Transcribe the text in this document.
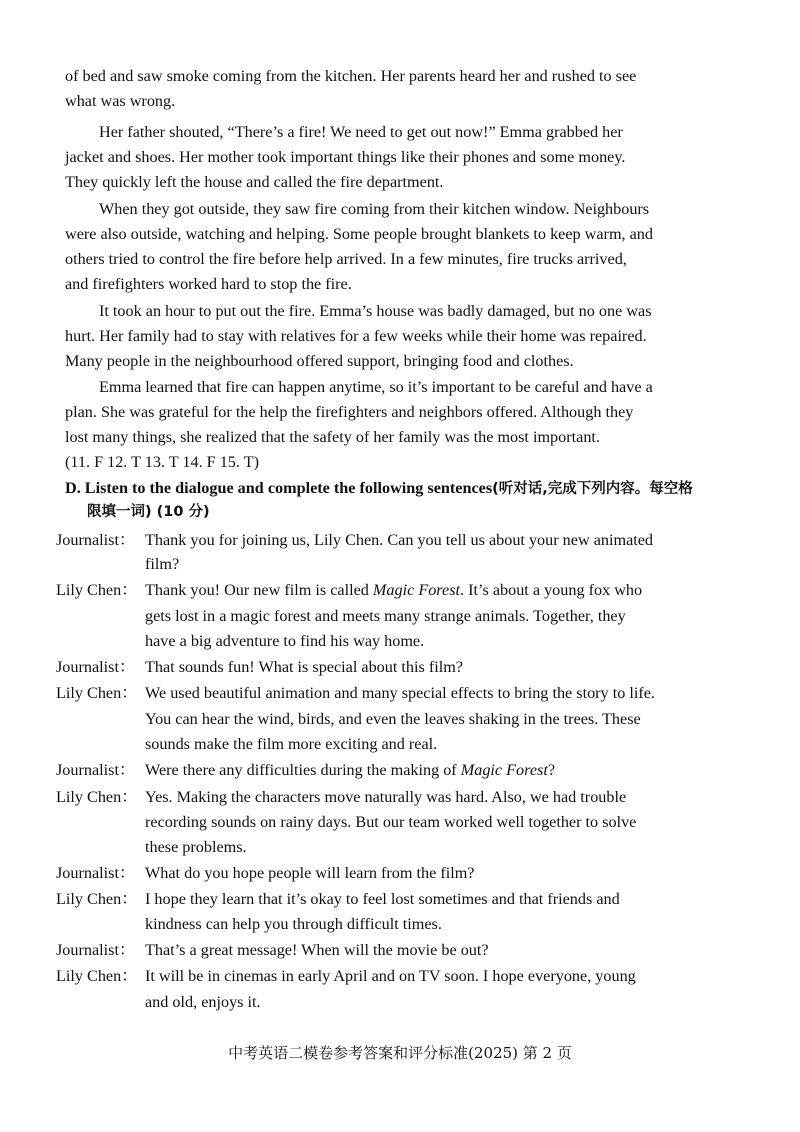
of bed and saw smoke coming from the kitchen. Her parents heard her and rushed to see
what was wrong.
Her father shouted, “There’s a fire! We need to get out now!” Emma grabbed her
jacket and shoes. Her mother took important things like their phones and some money.
They quickly left the house and called the fire department.
When they got outside, they saw fire coming from their kitchen window. Neighbours
were also outside, watching and helping. Some people brought blankets to keep warm, and
others tried to control the fire before help arrived. In a few minutes, fire trucks arrived,
and firefighters worked hard to stop the fire.
It took an hour to put out the fire. Emma’s house was badly damaged, but no one was
hurt. Her family had to stay with relatives for a few weeks while their home was repaired.
Many people in the neighbourhood offered support, bringing food and clothes.
Emma learned that fire can happen anytime, so it’s important to be careful and have a
plan. She was grateful for the help the firefighters and neighbors offered. Although they
lost many things, she realized that the safety of her family was the most important.
(11. F 12. T 13. T 14. F 15. T)
D. Listen to the dialogue and complete the following sentences(听对话,完成下列内容。每空格
限填一词) (10 分)
Journalist： Thank you for joining us, Lily Chen. Can you tell us about your new animated
film?
Lily Chen： Thank you! Our new film is called Magic Forest. It’s about a young fox who
gets lost in a magic forest and meets many strange animals. Together, they
have a big adventure to find his way home.
Journalist： That sounds fun! What is special about this film?
Lily Chen： We used beautiful animation and many special effects to bring the story to life.
You can hear the wind, birds, and even the leaves shaking in the trees. These
sounds make the film more exciting and real.
Journalist： Were there any difficulties during the making of Magic Forest?
Lily Chen： Yes. Making the characters move naturally was hard. Also, we had trouble
recording sounds on rainy days. But our team worked well together to solve
these problems.
Journalist： What do you hope people will learn from the film?
Lily Chen： I hope they learn that it’s okay to feel lost sometimes and that friends and
kindness can help you through difficult times.
Journalist： That’s a great message! When will the movie be out?
Lily Chen： It will be in cinemas in early April and on TV soon. I hope everyone, young
and old, enjoys it.
中考英语二模卷参考答案和评分标准(2025) 第 2 页
